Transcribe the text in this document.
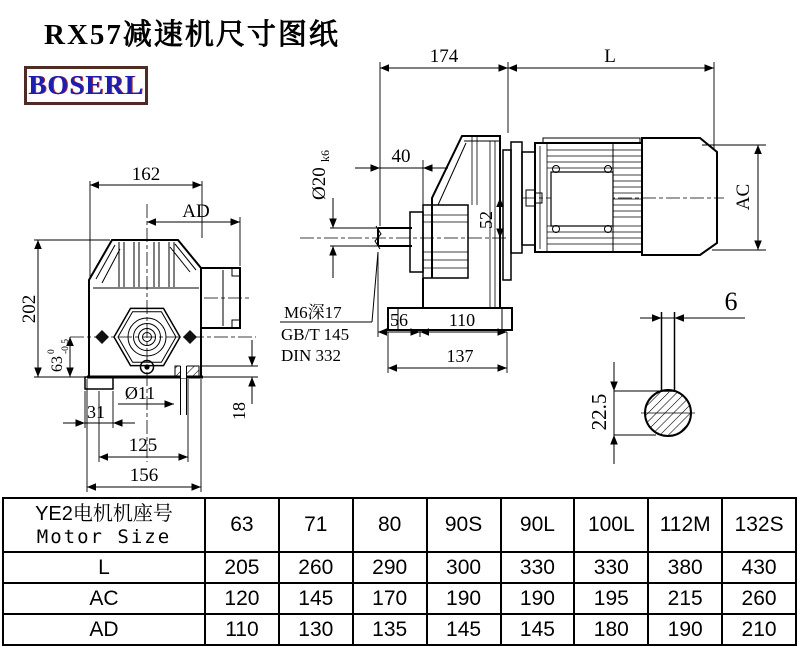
RX57减速机尺寸图纸
BOSERL
162
AD
202
63
0 -0.5
Ø11
31
125
156
18
174	L
40
Ø20
k6
52
M6深17
GB/T 145
DIN 332
56 110
137
AC
6
22.5
YE2电机机座号
Motor Size	63	71	80	90S	90L	100L	112M	132S
L	205	260	290	300	330	330	380	430
AC	120	145	170	190	190	195	215	260
AD	110	130	135	145	145	180	190	210
